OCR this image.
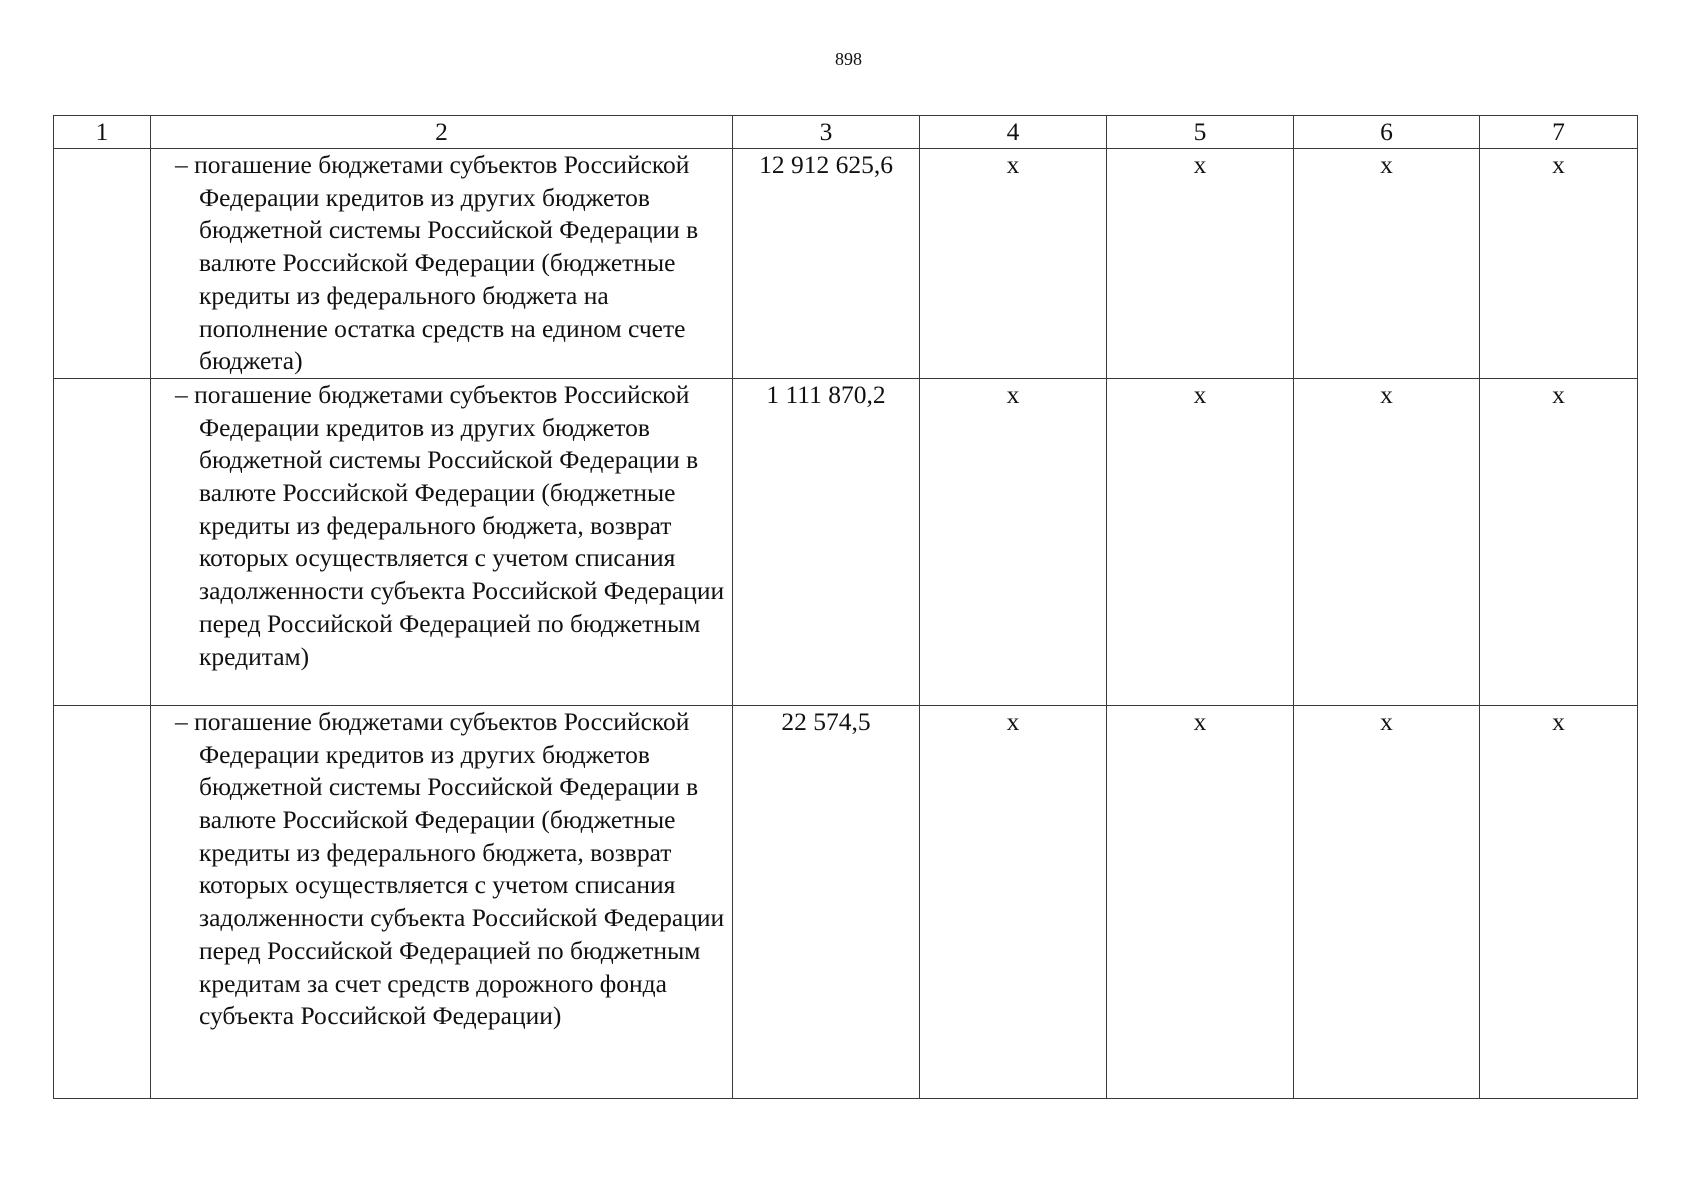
898
1	2	3	4	5	6	7

	– погашение бюджетами субъектов Российской Федерации кредитов из других бюджетов бюджетной системы Российской Федерации в валюте Российской Федерации (бюджетные кредиты из федерального бюджета на пополнение остатка средств на едином счете бюджета)	12 912 625,6	x	x	x	x

	– погашение бюджетами субъектов Российской Федерации кредитов из других бюджетов бюджетной системы Российской Федерации в валюте Российской Федерации (бюджетные кредиты из федерального бюджета, возврат которых осуществляется с учетом списания задолженности субъекта Российской Федерации перед Российской Федерацией по бюджетным кредитам)	1 111 870,2	x	x	x	x

	– погашение бюджетами субъектов Российской Федерации кредитов из других бюджетов бюджетной системы Российской Федерации в валюте Российской Федерации (бюджетные кредиты из федерального бюджета, возврат которых осуществляется с учетом списания задолженности субъекта Российской Федерации перед Российской Федерацией по бюджетным кредитам за счет средств дорожного фонда субъекта Российской Федерации)	22 574,5	x	x	x	x
